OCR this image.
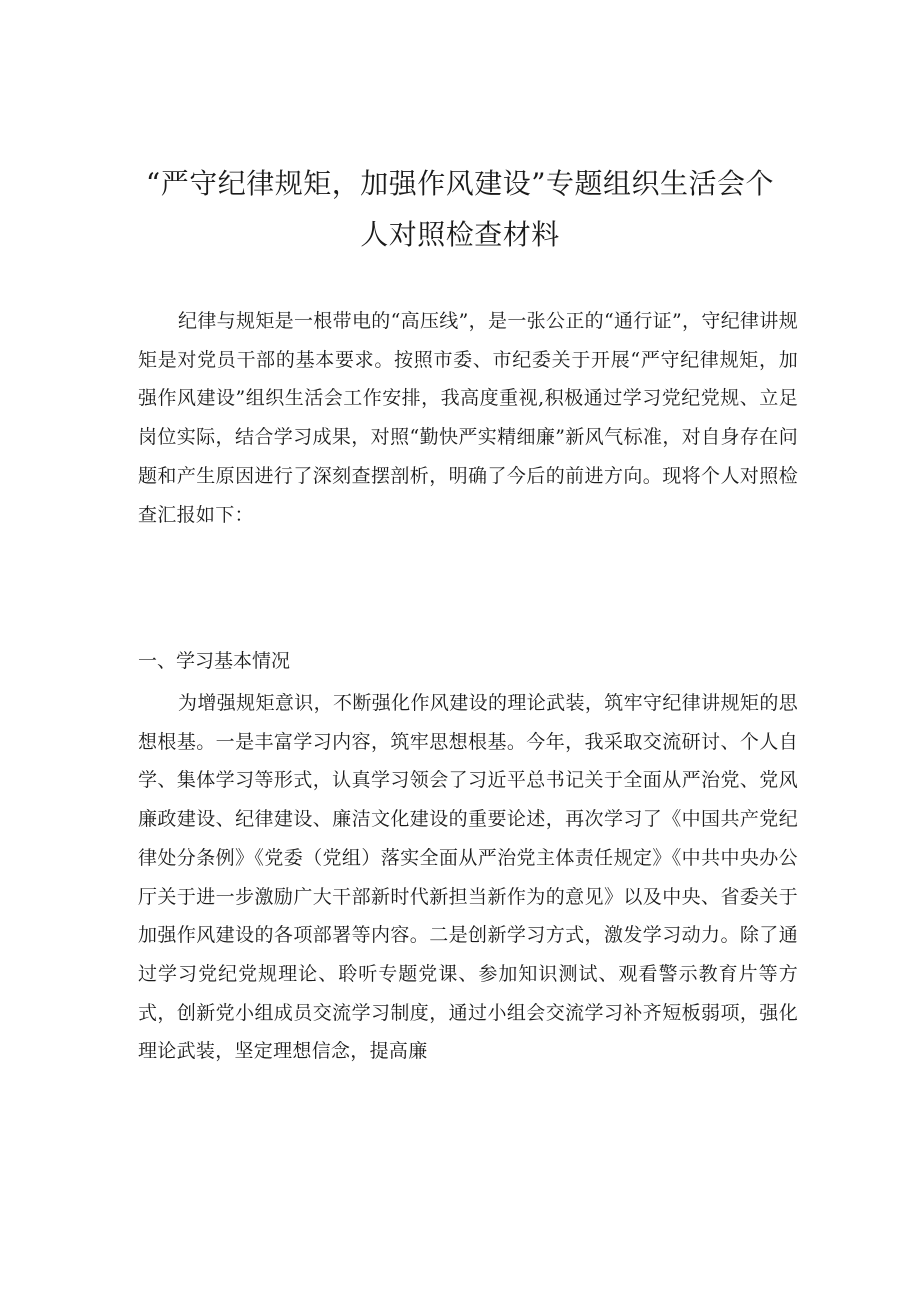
“严守纪律规矩，加强作风建设”专题组织生活会个
人对照检查材料

纪律与规矩是一根带电的“高压线”，是一张公正的“通行证”，守纪律讲规矩是对党员干部的基本要求。按照市委、市纪委关于开展“严守纪律规矩，加强作风建设”组织生活会工作安排，我高度重视,积极通过学习党纪党规、立足岗位实际，结合学习成果，对照“勤快严实精细廉”新风气标准，对自身存在问题和产生原因进行了深刻查摆剖析，明确了今后的前进方向。现将个人对照检查汇报如下：

一、学习基本情况

为增强规矩意识，不断强化作风建设的理论武装，筑牢守纪律讲规矩的思想根基。一是丰富学习内容，筑牢思想根基。今年，我采取交流研讨、个人自学、集体学习等形式，认真学习领会了习近平总书记关于全面从严治党、党风廉政建设、纪律建设、廉洁文化建设的重要论述，再次学习了《中国共产党纪律处分条例》《党委（党组）落实全面从严治党主体责任规定》《中共中央办公厅关于进一步激励广大干部新时代新担当新作为的意见》以及中央、省委关于加强作风建设的各项部署等内容。二是创新学习方式，激发学习动力。除了通过学习党纪党规理论、聆听专题党课、参加知识测试、观看警示教育片等方式，创新党小组成员交流学习制度，通过小组会交流学习补齐短板弱项，强化理论武装，坚定理想信念，提高廉
